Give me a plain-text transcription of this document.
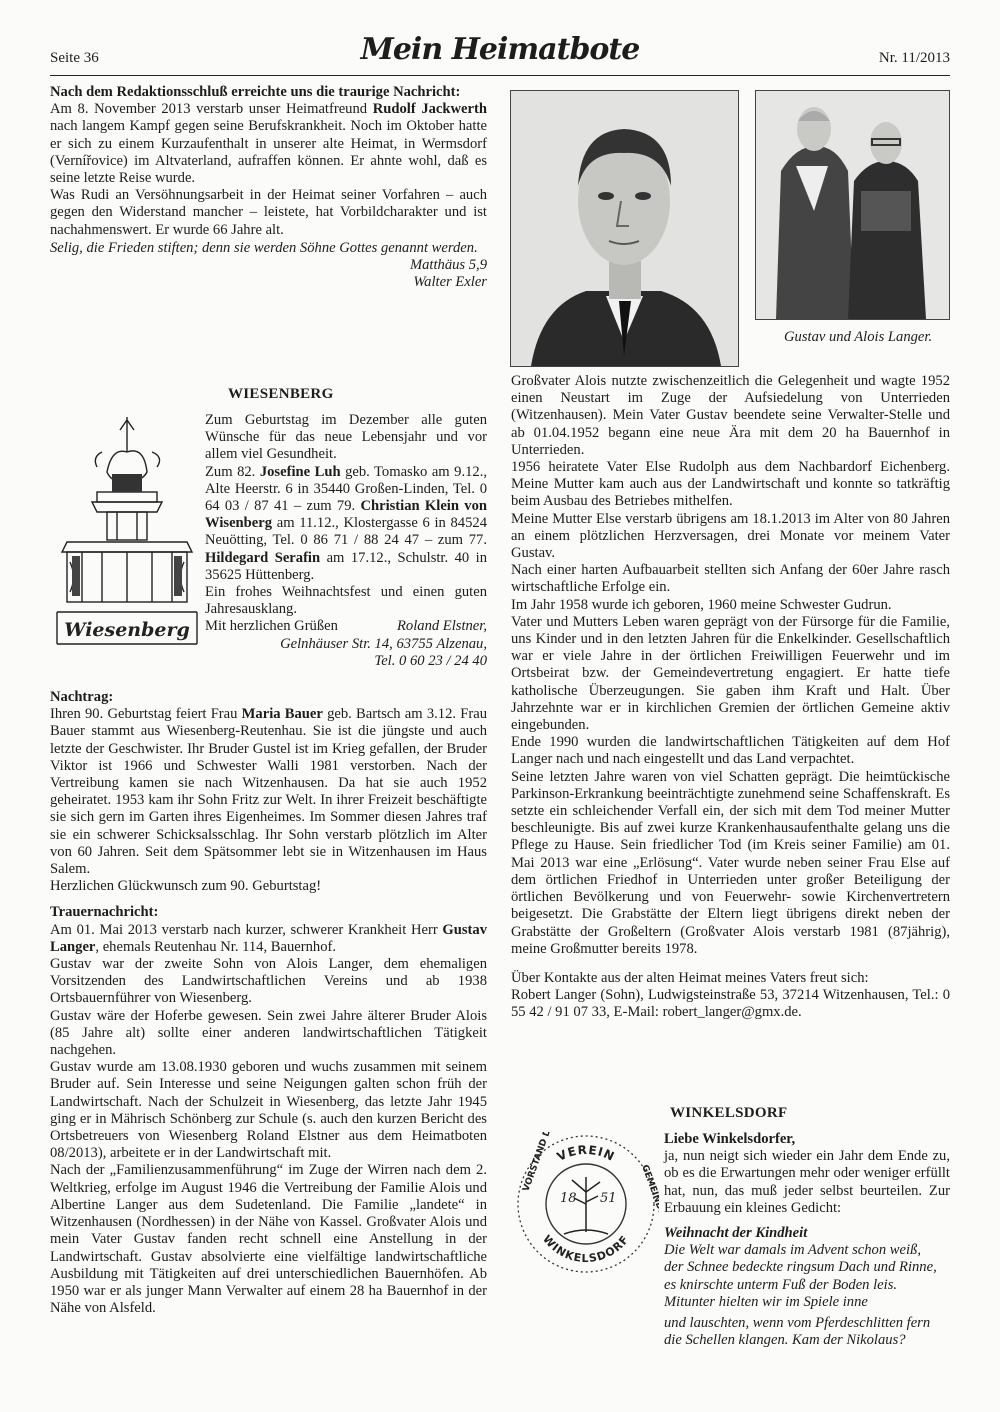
Seite 36	Mein Heimatbote	Nr. 11/2013

Nach dem Redaktionsschluß erreichte uns die traurige Nachricht:

Am 8. November 2013 verstarb unser Heimatfreund Rudolf Jackwerth nach langem Kampf gegen seine Berufskrankheit. Noch im Oktober hatte er sich zu einem Kurzaufenthalt in unserer alte Heimat, in Wermsdorf (Vernířovice) im Altvaterland, aufraffen können. Er ahnte wohl, daß es seine letzte Reise wurde.

Was Rudi an Versöhnungsarbeit in der Heimat seiner Vorfahren – auch gegen den Widerstand mancher – leistete, hat Vorbildcharakter und ist nachahmenswert. Er wurde 66 Jahre alt.

Selig, die Frieden stiften; denn sie werden Söhne Gottes genannt werden.

Matthäus 5,9

Walter Exler

WIESENBERG
Wiesenberg

Zum Geburtstag im Dezember alle guten Wünsche für das neue Lebensjahr und vor allem viel Gesundheit.

Zum 82. Josefine Luh geb. Tomasko am 9.12., Alte Heerstr. 6 in 35440 Großen-Linden, Tel. 0 64 03 / 87 41 – zum 79. Christian Klein von Wisenberg am 11.12., Klostergasse 6 in 84524 Neuötting, Tel. 0 86 71 / 88 24 47 – zum 77. Hildegard Serafin am 17.12., Schulstr. 40 in 35625 Hüttenberg.

Ein frohes Weihnachtsfest und einen guten Jahresausklang.

Mit herzlichen Grüßen	Roland Elstner,

Gelnhäuser Str. 14, 63755 Alzenau,

Tel. 0 60 23 / 24 40

Nachtrag:

Ihren 90. Geburtstag feiert Frau Maria Bauer geb. Bartsch am 3.12. Frau Bauer stammt aus Wiesenberg-Reutenhau. Sie ist die jüngste und auch letzte der Geschwister. Ihr Bruder Gustel ist im Krieg gefallen, der Bruder Viktor ist 1966 und Schwester Walli 1981 verstorben. Nach der Vertreibung kamen sie nach Witzenhausen. Da hat sie auch 1952 geheiratet. 1953 kam ihr Sohn Fritz zur Welt. In ihrer Freizeit beschäftigte sie sich gern im Garten ihres Eigenheimes. Im Sommer diesen Jahres traf sie ein schwerer Schicksalsschlag. Ihr Sohn verstarb plötzlich im Alter von 60 Jahren. Seit dem Spätsommer lebt sie in Witzenhausen im Haus Salem.

Herzlichen Glückwunsch zum 90. Geburtstag!

Trauernachricht:

Am 01. Mai 2013 verstarb nach kurzer, schwerer Krankheit Herr Gustav Langer, ehemals Reutenhau Nr. 114, Bauernhof.

Gustav war der zweite Sohn von Alois Langer, dem ehemaligen Vorsitzenden des Landwirtschaftlichen Vereins und ab 1938 Ortsbauernführer von Wiesenberg.

Gustav wäre der Hoferbe gewesen. Sein zwei Jahre älterer Bruder Alois (85 Jahre alt) sollte einer anderen landwirtschaftlichen Tätigkeit nachgehen.

Gustav wurde am 13.08.1930 geboren und wuchs zusammen mit seinem Bruder auf. Sein Interesse und seine Neigungen galten schon früh der Landwirtschaft. Nach der Schulzeit in Wiesenberg, das letzte Jahr 1945 ging er in Mährisch Schönberg zur Schule (s. auch den kurzen Bericht des Ortsbetreuers von Wiesenberg Roland Elstner aus dem Heimatboten 08/2013), arbeitete er in der Landwirtschaft mit.

Nach der „Familienzusammenführung“ im Zuge der Wirren nach dem 2. Weltkrieg, erfolge im August 1946 die Vertreibung der Familie Alois und Albertine Langer aus dem Sudetenland. Die Familie „landete“ in Witzenhausen (Nordhessen) in der Nähe von Kassel. Großvater Alois und mein Vater Gustav fanden recht schnell eine Anstellung in der Landwirtschaft. Gustav absolvierte eine vielfältige landwirtschaftliche Ausbildung mit Tätigkeiten auf drei unterschiedlichen Bauernhöfen. Ab 1950 war er als junger Mann Verwalter auf einem 28 ha Bauernhof in der Nähe von Alsfeld.

Gustav und Alois Langer.

Großvater Alois nutzte zwischenzeitlich die Gelegenheit und wagte 1952 einen Neustart im Zuge der Aufsiedelung von Unterrieden (Witzenhausen). Mein Vater Gustav beendete seine Verwalter-Stelle und ab 01.04.1952 begann eine neue Ära mit dem 20 ha Bauernhof in Unterrieden.

1956 heiratete Vater Else Rudolph aus dem Nachbardorf Eichenberg. Meine Mutter kam auch aus der Landwirtschaft und konnte so tatkräftig beim Ausbau des Betriebes mithelfen.

Meine Mutter Else verstarb übrigens am 18.1.2013 im Alter von 80 Jahren an einem plötzlichen Herzversagen, drei Monate vor meinem Vater Gustav.

Nach einer harten Aufbauarbeit stellten sich Anfang der 60er Jahre rasch wirtschaftliche Erfolge ein.

Im Jahr 1958 wurde ich geboren, 1960 meine Schwester Gudrun.

Vater und Mutters Leben waren geprägt von der Fürsorge für die Familie, uns Kinder und in den letzten Jahren für die Enkelkinder. Gesellschaftlich war er viele Jahre in der örtlichen Freiwilligen Feuerwehr und im Ortsbeirat bzw. der Gemeindevertretung engagiert. Er hatte tiefe katholische Überzeugungen. Sie gaben ihm Kraft und Halt. Über Jahrzehnte war er in kirchlichen Gremien der örtlichen Gemeine aktiv eingebunden.

Ende 1990 wurden die landwirtschaftlichen Tätigkeiten auf dem Hof Langer nach und nach eingestellt und das Land verpachtet.

Seine letzten Jahre waren von viel Schatten geprägt. Die heimtückische Parkinson-Erkrankung beeinträchtigte zunehmend seine Schaffenskraft. Es setzte ein schleichender Verfall ein, der sich mit dem Tod meiner Mutter beschleunigte. Bis auf zwei kurze Krankenhausaufenthalte gelang uns die Pflege zu Hause. Sein friedlicher Tod (im Kreis seiner Familie) am 01. Mai 2013 war eine „Erlösung“. Vater wurde neben seiner Frau Else auf dem örtlichen Friedhof in Unterrieden unter großer Beteiligung der örtlichen Bevölkerung und von Feuerwehr- sowie Kirchenvertretern beigesetzt. Die Grabstätte der Eltern liegt übrigens direkt neben der Grabstätte der Großeltern (Großvater Alois verstarb 1981 (87jährig), meine Großmutter bereits 1978.

Über Kontakte aus der alten Heimat meines Vaters freut sich:

Robert Langer (Sohn), Ludwigsteinstraße 53, 37214 Witzenhausen, Tel.: 0 55 42 / 91 07 33, E-Mail: robert_langer@gmx.de.

WINKELSDORF
VEREIN
VORSTAND D.	GEMEINDE
WINKELSDORF
18 51

Liebe Winkelsdorfer,

ja, nun neigt sich wieder ein Jahr dem Ende zu, ob es die Erwartungen mehr oder weniger erfüllt hat, nun, das muß jeder selbst beurteilen. Zur Erbauung ein kleines Gedicht:

Weihnacht der Kindheit

Die Welt war damals im Advent schon weiß,

der Schnee bedeckte ringsum Dach und Rinne,

es knirschte unterm Fuß der Boden leis.

Mitunter hielten wir im Spiele inne

und lauschten, wenn vom Pferdeschlitten fern

die Schellen klangen. Kam der Nikolaus?
